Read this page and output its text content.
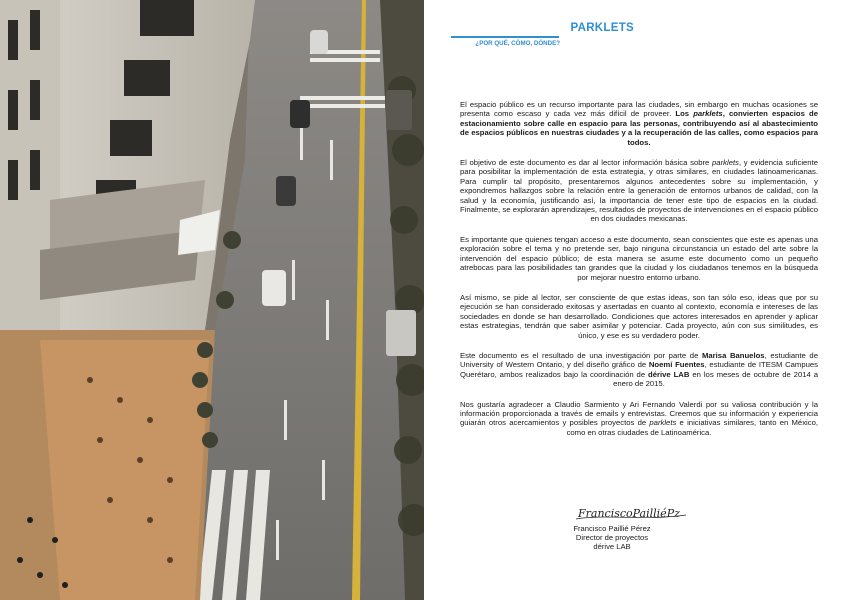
PARKLETS
¿POR QUÉ, CÓMO, DÓNDE?

El espacio público es un recurso importante para las ciudades, sin embargo en muchas ocasiones se presenta como escaso y cada vez más difícil de proveer. Los parklets, convierten espacios de estacionamiento sobre calle en espacio para las personas, contribuyendo así al abastecimiento de espacios públicos en nuestras ciudades y a la recuperación de las calles, como espacios para todos.

El objetivo de este documento es dar al lector información básica sobre parklets, y evidencia suficiente para posibilitar la implementación de esta estrategia, y otras similares, en ciudades latinoamericanas. Para cumplir tal propósito, presentaremos algunos antecedentes sobre su implementación, y expondremos hallazgos sobre la relación entre la generación de entornos urbanos de calidad, con la salud y la economía, justificando así, la importancia de tener este tipo de espacios en la ciudad. Finalmente, se explorarán aprendizajes, resultados de proyectos de intervenciones en el espacio público en dos ciudades mexicanas.

Es importante que quienes tengan acceso a este documento, sean conscientes que este es apenas una exploración sobre el tema y no pretende ser, bajo ninguna circunstancia un estado del arte sobre la intervención del espacio público; de esta manera se asume este documento como un pequeño atrebocas para las posibilidades tan grandes que la ciudad y los ciudadanos tenemos en la búsqueda por mejorar nuestro entorno urbano.

Así mismo, se pide al lector, ser consciente de que estas ideas, son tan sólo eso, ideas que por su ejecución se han considerado exitosas y asertadas en cuanto al contexto, economía e intereses de las sociedades en donde se han desarrollado. Condiciones que actores interesados en aprender y aplicar estas estrategias, tendrán que saber asimilar y potenciar. Cada proyecto, aún con sus similitudes, es único, y ese es su verdadero poder.

Este documento es el resultado de una investigación por parte de Marisa Banuelos, estudiante de University of Western Ontario, y del diseño gráfico de Noemí Fuentes, estudiante de ITESM Campues Querétaro, ambos realizados bajo la coordinación de dérive LAB en los meses de octubre de 2014 a enero de 2015.

Nos gustaría agradecer a Claudio Sarmiento y Ari Fernando Valerdi por su valiosa contribución y la información proporcionada a través de emails y entrevistas. Creemos que su información y experiencia guiarán otros acercamientos y posibles proyectos de parklets e iniciativas similares, tanto en México, como en otras ciudades de Latinoamérica.

FranciscoPailliéPz
Francisco Paillié Pérez
Director de proyectos
dérive LAB
